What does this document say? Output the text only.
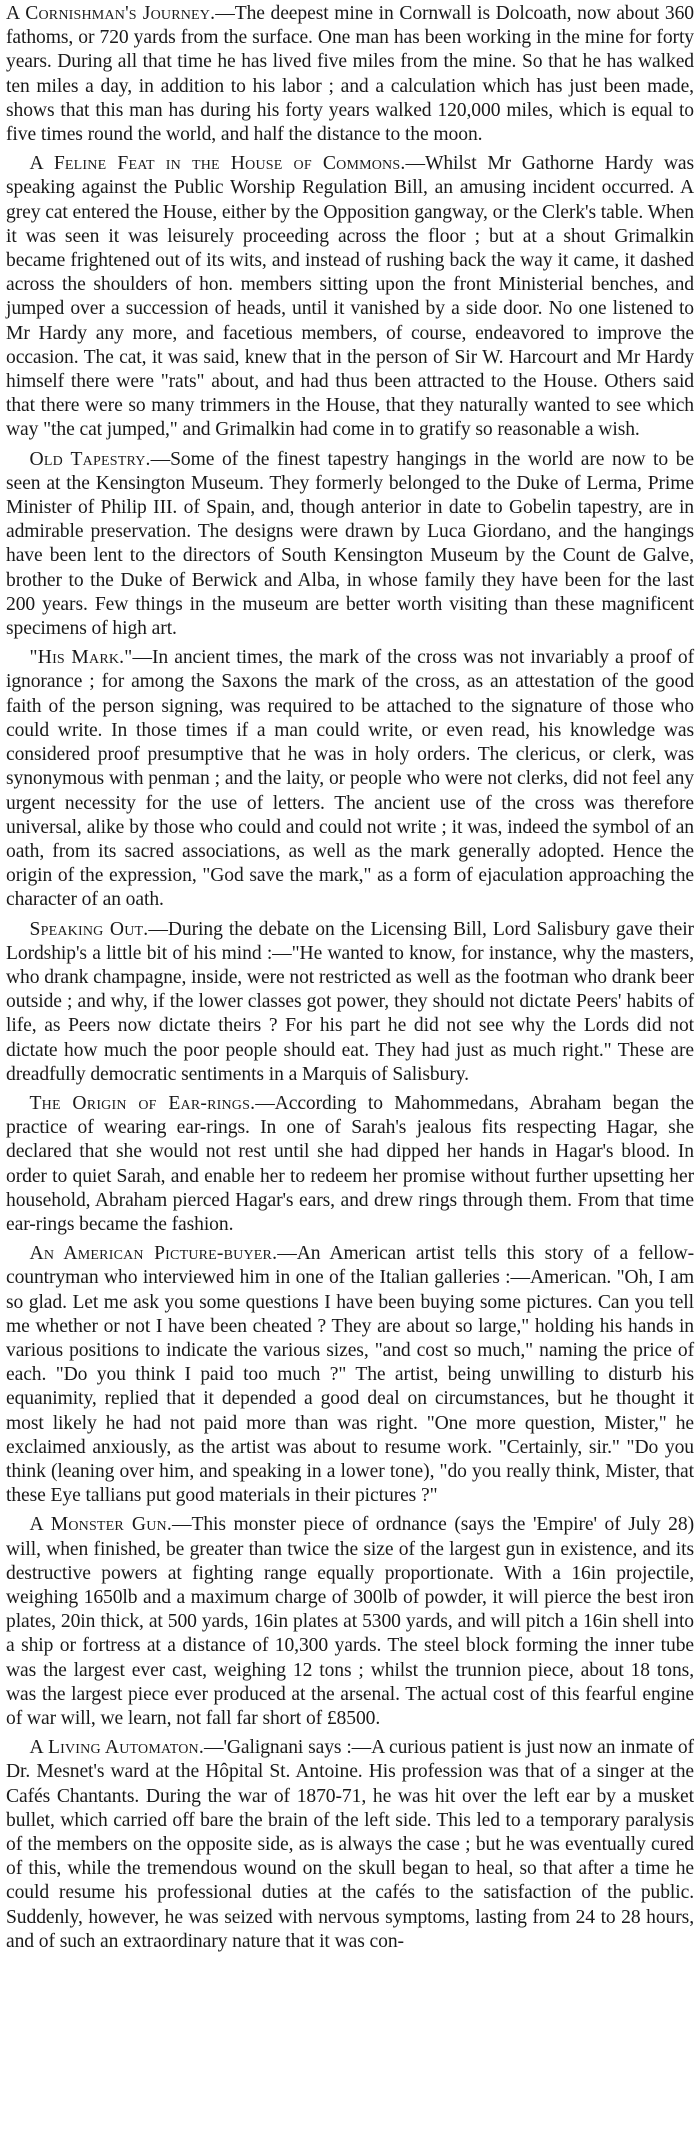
A Cornishman's Journey.—The deepest mine in Cornwall is Dolcoath, now about 360 fathoms, or 720 yards from the surface. One man has been working in the mine for forty years. During all that time he has lived five miles from the mine. So that he has walked ten miles a day, in addition to his labor ; and a calculation which has just been made, shows that this man has during his forty years walked 120,000 miles, which is equal to five times round the world, and half the distance to the moon.

A Feline Feat in the House of Commons.—Whilst Mr Gathorne Hardy was speaking against the Public Worship Regulation Bill, an amusing incident occurred. A grey cat entered the House, either by the Opposition gangway, or the Clerk's table. When it was seen it was leisurely proceeding across the floor ; but at a shout Grimalkin became frightened out of its wits, and instead of rushing back the way it came, it dashed across the shoulders of hon. members sitting upon the front Ministerial benches, and jumped over a succession of heads, until it vanished by a side door. No one listened to Mr Hardy any more, and facetious members, of course, endeavored to improve the occasion. The cat, it was said, knew that in the person of Sir W. Harcourt and Mr Hardy himself there were "rats" about, and had thus been attracted to the House. Others said that there were so many trimmers in the House, that they naturally wanted to see which way "the cat jumped," and Grimalkin had come in to gratify so reasonable a wish.

Old Tapestry.—Some of the finest tapestry hangings in the world are now to be seen at the Kensington Museum. They formerly belonged to the Duke of Lerma, Prime Minister of Philip III. of Spain, and, though anterior in date to Gobelin tapestry, are in admirable preservation. The designs were drawn by Luca Giordano, and the hangings have been lent to the directors of South Kensington Museum by the Count de Galve, brother to the Duke of Berwick and Alba, in whose family they have been for the last 200 years. Few things in the museum are better worth visiting than these magnificent specimens of high art.

"His Mark."—In ancient times, the mark of the cross was not invariably a proof of ignorance ; for among the Saxons the mark of the cross, as an attestation of the good faith of the person signing, was required to be attached to the signature of those who could write. In those times if a man could write, or even read, his knowledge was considered proof presumptive that he was in holy orders. The clericus, or clerk, was synonymous with penman ; and the laity, or people who were not clerks, did not feel any urgent necessity for the use of letters. The ancient use of the cross was therefore universal, alike by those who could and could not write ; it was, indeed the symbol of an oath, from its sacred associations, as well as the mark generally adopted. Hence the origin of the expression, "God save the mark," as a form of ejaculation approaching the character of an oath.

Speaking Out.—During the debate on the Licensing Bill, Lord Salisbury gave their Lordship's a little bit of his mind :—"He wanted to know, for instance, why the masters, who drank champagne, inside, were not restricted as well as the footman who drank beer outside ; and why, if the lower classes got power, they should not dictate Peers' habits of life, as Peers now dictate theirs ? For his part he did not see why the Lords did not dictate how much the poor people should eat. They had just as much right." These are dreadfully democratic sentiments in a Marquis of Salisbury.

The Origin of Ear-rings.—According to Mahommedans, Abraham began the practice of wearing ear-rings. In one of Sarah's jealous fits respecting Hagar, she declared that she would not rest until she had dipped her hands in Hagar's blood. In order to quiet Sarah, and enable her to redeem her promise without further upsetting her household, Abraham pierced Hagar's ears, and drew rings through them. From that time ear-rings became the fashion.

An American Picture-buyer.—An American artist tells this story of a fellow-countryman who interviewed him in one of the Italian galleries :—American. "Oh, I am so glad. Let me ask you some questions I have been buying some pictures. Can you tell me whether or not I have been cheated ? They are about so large," holding his hands in various positions to indicate the various sizes, "and cost so much," naming the price of each. "Do you think I paid too much ?" The artist, being unwilling to disturb his equanimity, replied that it depended a good deal on circumstances, but he thought it most likely he had not paid more than was right. "One more question, Mister," he exclaimed anxiously, as the artist was about to resume work. "Certainly, sir." "Do you think (leaning over him, and speaking in a lower tone), "do you really think, Mister, that these Eye tallians put good materials in their pictures ?"

A Monster Gun.—This monster piece of ordnance (says the 'Empire' of July 28) will, when finished, be greater than twice the size of the largest gun in existence, and its destructive powers at fighting range equally proportionate. With a 16in projectile, weighing 1650lb and a maximum charge of 300lb of powder, it will pierce the best iron plates, 20in thick, at 500 yards, 16in plates at 5300 yards, and will pitch a 16in shell into a ship or fortress at a distance of 10,300 yards. The steel block forming the inner tube was the largest ever cast, weighing 12 tons ; whilst the trunnion piece, about 18 tons, was the largest piece ever produced at the arsenal. The actual cost of this fearful engine of war will, we learn, not fall far short of £8500.

A Living Automaton.—'Galignani says :—A curious patient is just now an inmate of Dr. Mesnet's ward at the Hôpital St. Antoine. His profession was that of a singer at the Cafés Chantants. During the war of 1870-71, he was hit over the left ear by a musket bullet, which carried off bare the brain of the left side. This led to a temporary paralysis of the members on the opposite side, as is always the case ; but he was eventually cured of this, while the tremendous wound on the skull began to heal, so that after a time he could resume his professional duties at the cafés to the satisfaction of the public. Suddenly, however, he was seized with nervous symptoms, lasting from 24 to 28 hours, and of such an extraordinary nature that it was con-
